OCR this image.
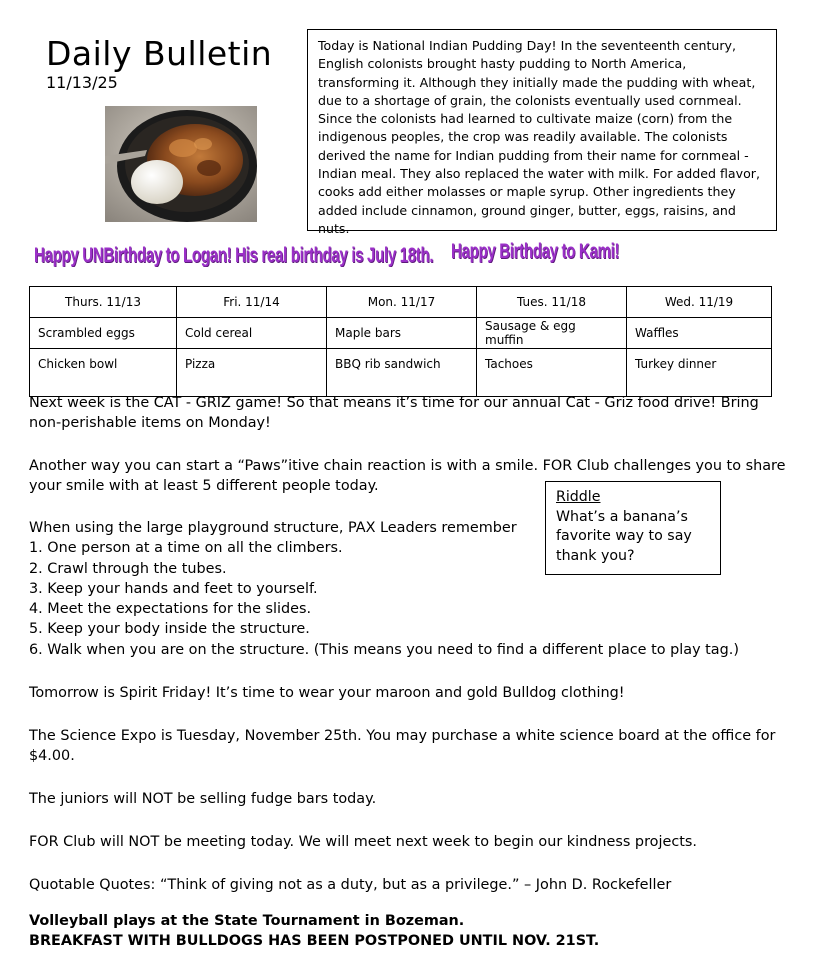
Daily Bulletin
11/13/25
Today is National Indian Pudding Day! In the seventeenth century, English colonists brought hasty pudding to North America, transforming it. Although they initially made the pudding with wheat, due to a shortage of grain, the colonists eventually used cornmeal. Since the colonists had learned to cultivate maize (corn) from the indigenous peoples, the crop was readily available. The colonists derived the name for Indian pudding from their name for cornmeal - Indian meal. They also replaced the water with milk. For added flavor, cooks add either molasses or maple syrup. Other ingredients they added include cinnamon, ground ginger, butter, eggs, raisins, and nuts.
Happy UNBirthday to Logan! His real birthday is July 18th. Happy Birthday to Kami!
Thurs. 11/13	Fri. 11/14	Mon. 11/17	Tues. 11/18	Wed. 11/19
Scrambled eggs	Cold cereal	Maple bars	Sausage & egg muffin	Waffles
Chicken bowl	Pizza	BBQ rib sandwich	Tachoes	Turkey dinner
Next week is the CAT - GRIZ game! So that means it’s time for our annual Cat - Griz food drive! Bring non-perishable items on Monday!
Another way you can start a “Paws”itive chain reaction is with a smile. FOR Club challenges you to share your smile with at least 5 different people today.
When using the large playground structure, PAX Leaders remember
1. One person at a time on all the climbers.
2. Crawl through the tubes.
3. Keep your hands and feet to yourself.
4. Meet the expectations for the slides.
5. Keep your body inside the structure.
6. Walk when you are on the structure. (This means you need to find a different place to play tag.)
Riddle
What’s a banana’s favorite way to say thank you?
Tomorrow is Spirit Friday! It’s time to wear your maroon and gold Bulldog clothing!
The Science Expo is Tuesday, November 25th. You may purchase a white science board at the office for $4.00.
The juniors will NOT be selling fudge bars today.
FOR Club will NOT be meeting today. We will meet next week to begin our kindness projects.
Quotable Quotes: “Think of giving not as a duty, but as a privilege.” – John D. Rockefeller
Volleyball plays at the State Tournament in Bozeman.
BREAKFAST WITH BULLDOGS HAS BEEN POSTPONED UNTIL NOV. 21ST.
